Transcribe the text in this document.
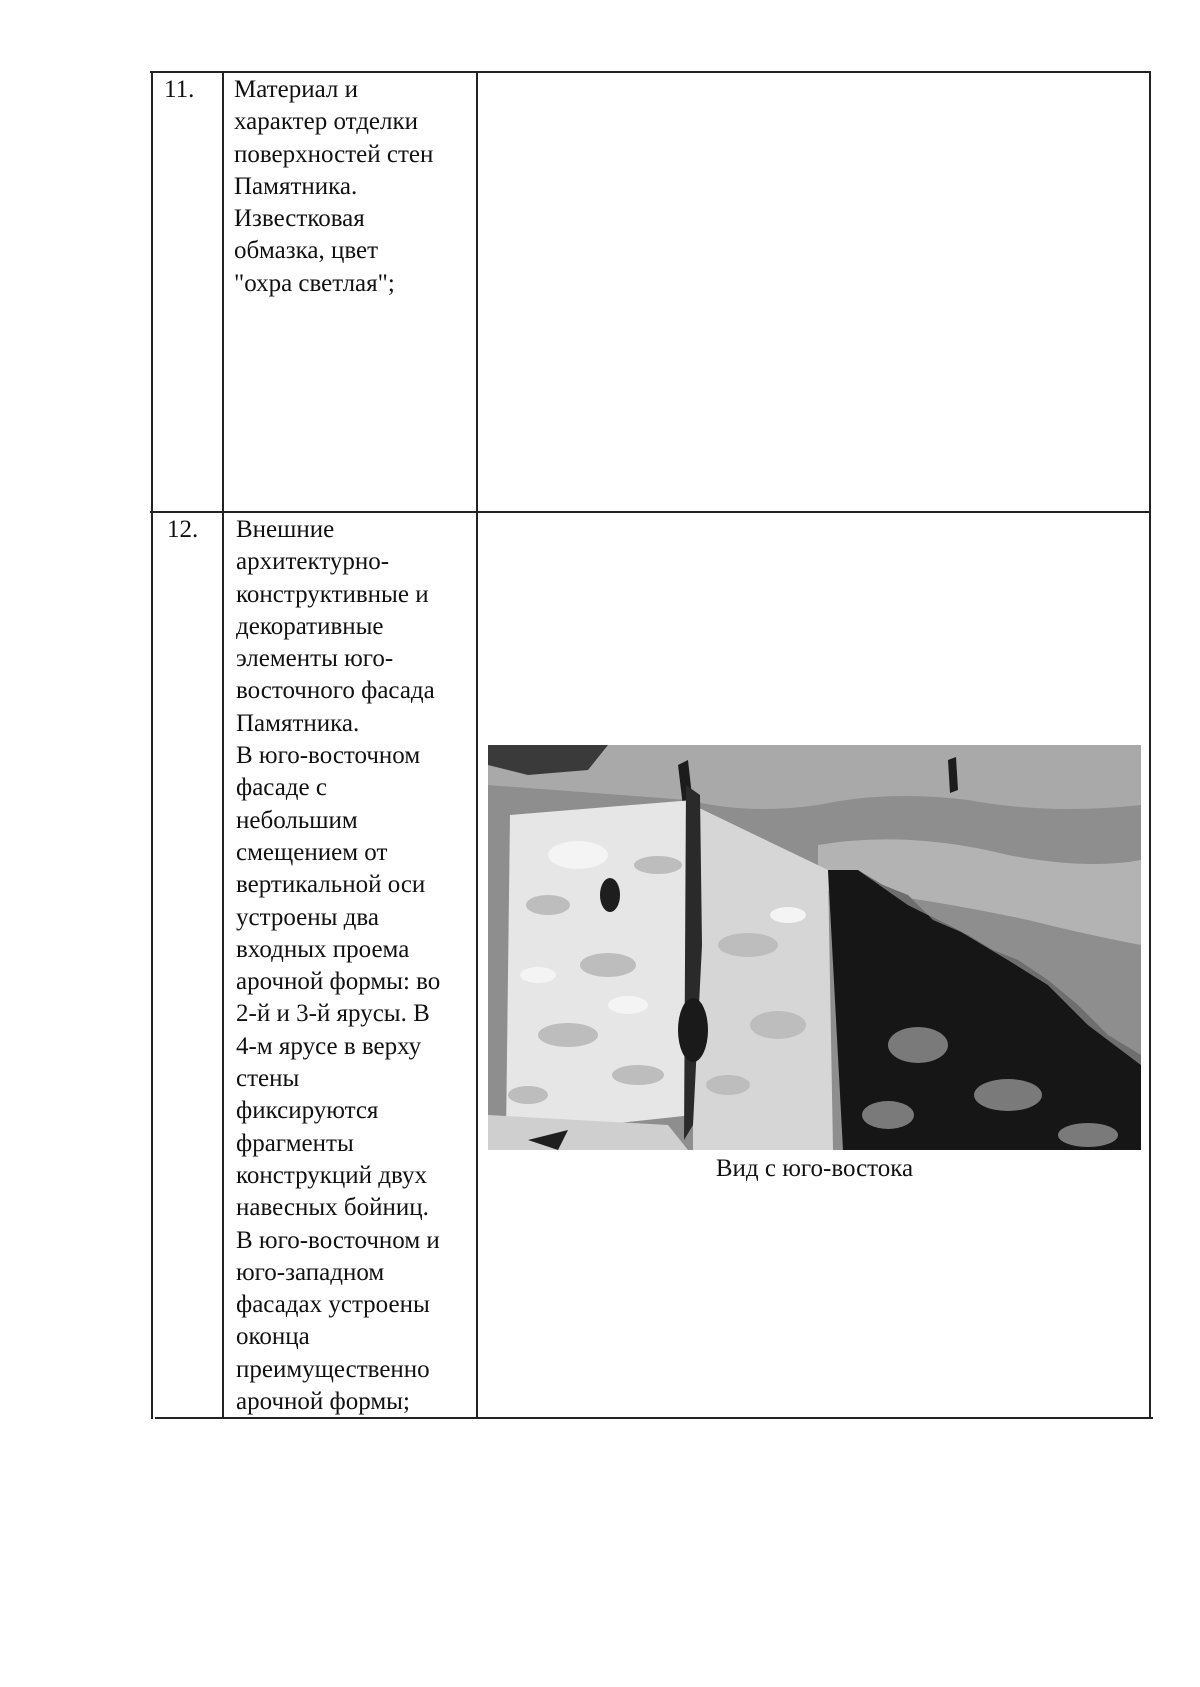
11. Материал и
характер отделки
поверхностей стен
Памятника.
Известковая
обмазка, цвет
"охра светлая";
12. Внешние
архитектурно-
конструктивные и
декоративные
элементы юго-
восточного фасада
Памятника.
В юго-восточном
фасаде с
небольшим
смещением от
вертикальной оси
устроены два
входных проема
арочной формы: во
2-й и 3-й ярусы. В
4-м ярусе в верху
стены
фиксируются
фрагменты
конструкций двух
навесных бойниц.
В юго-восточном и
юго-западном
фасадах устроены
оконца
преимущественно
арочной формы;
Вид с юго-востока
